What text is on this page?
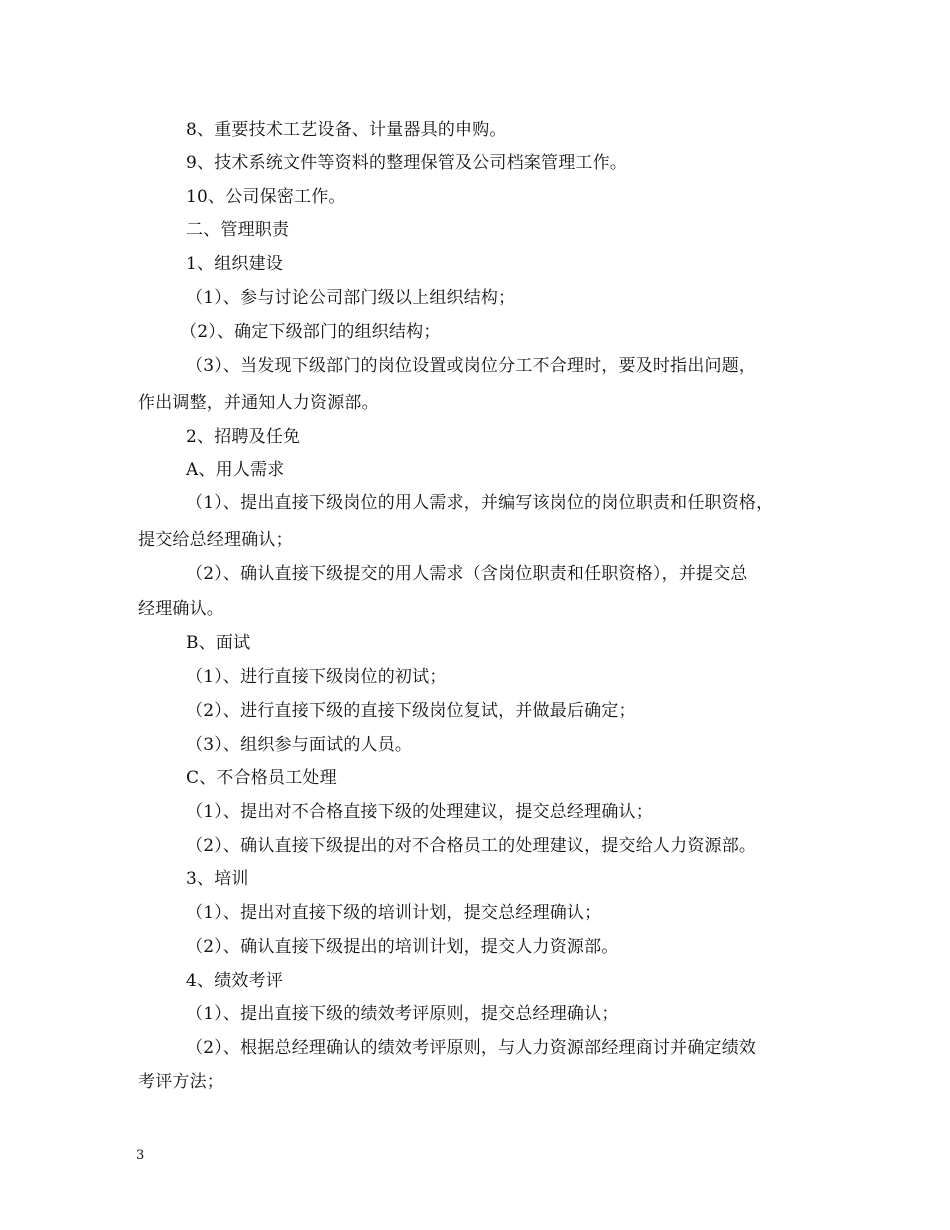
8、重要技术工艺设备、计量器具的申购。
9、技术系统文件等资料的整理保管及公司档案管理工作。
10、公司保密工作。
二、管理职责
1、组织建设
（1）、参与讨论公司部门级以上组织结构；
（2）、确定下级部门的组织结构；
（3）、当发现下级部门的岗位设置或岗位分工不合理时，要及时指出问题，
作出调整，并通知人力资源部。
2、招聘及任免
A、用人需求
（1）、提出直接下级岗位的用人需求，并编写该岗位的岗位职责和任职资格，
提交给总经理确认；
（2）、确认直接下级提交的用人需求（含岗位职责和任职资格），并提交总
经理确认。
B、面试
（1）、进行直接下级岗位的初试；
（2）、进行直接下级的直接下级岗位复试，并做最后确定；
（3）、组织参与面试的人员。
C、不合格员工处理
（1）、提出对不合格直接下级的处理建议，提交总经理确认；
（2）、确认直接下级提出的对不合格员工的处理建议，提交给人力资源部。
3、培训
（1）、提出对直接下级的培训计划，提交总经理确认；
（2）、确认直接下级提出的培训计划，提交人力资源部。
4、绩效考评
（1）、提出直接下级的绩效考评原则，提交总经理确认；
（2）、根据总经理确认的绩效考评原则，与人力资源部经理商讨并确定绩效
考评方法；
3
